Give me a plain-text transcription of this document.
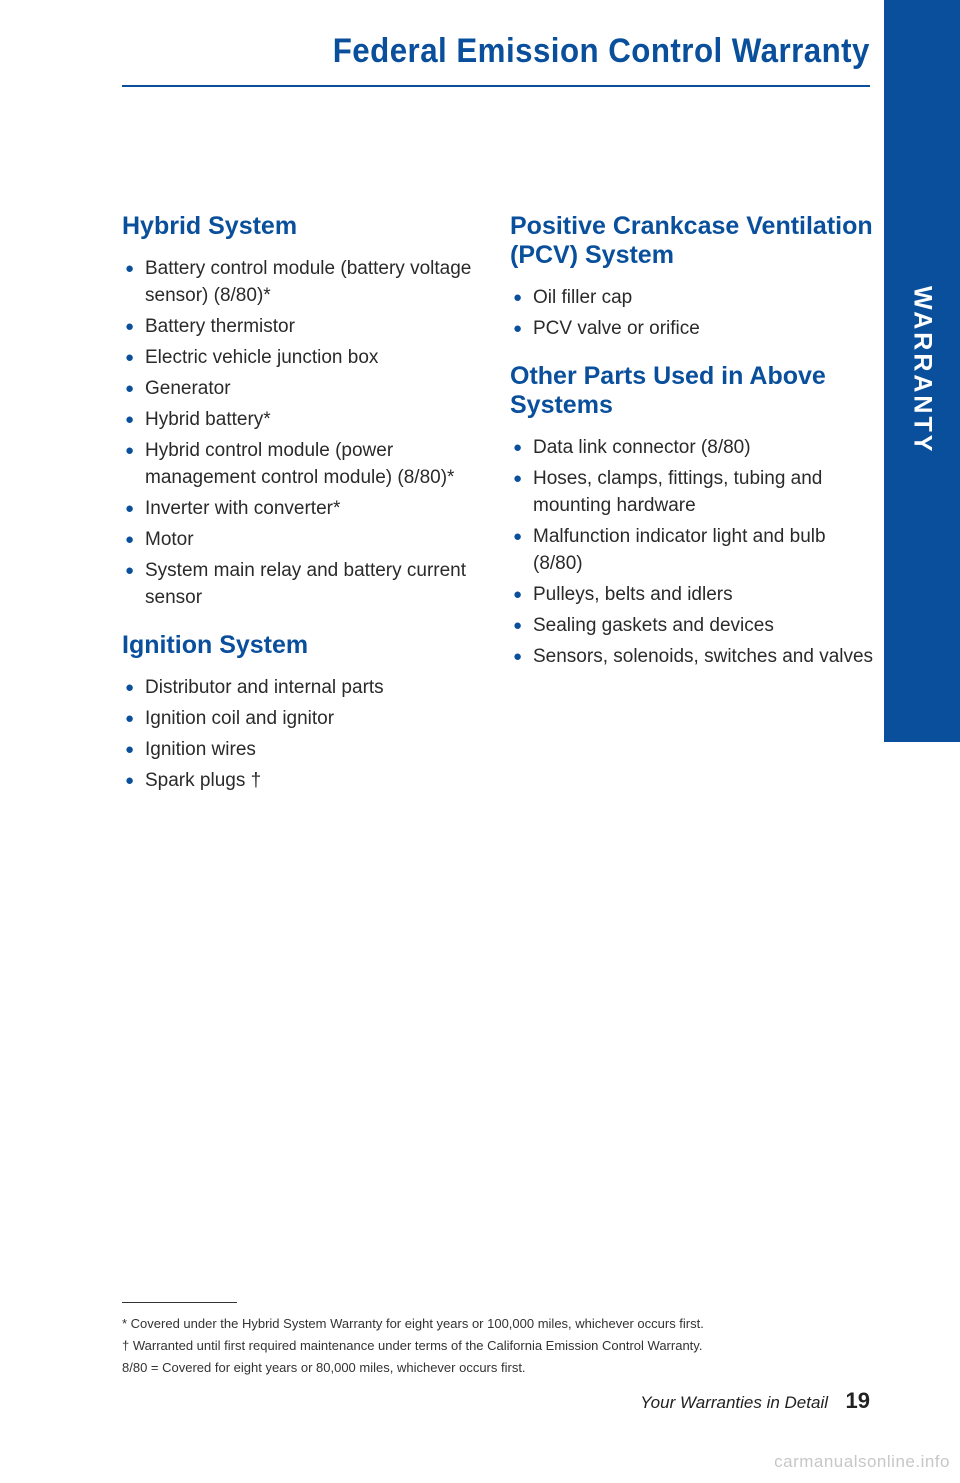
WARRANTY
Federal Emission Control Warranty
Hybrid System
● Battery control module (battery voltage sensor) (8/80)*
● Battery thermistor
● Electric vehicle junction box
● Generator
● Hybrid battery*
● Hybrid control module (power management control module) (8/80)*
● Inverter with converter*
● Motor
● System main relay and battery current sensor
Ignition System
● Distributor and internal parts
● Ignition coil and ignitor
● Ignition wires
● Spark plugs †
Positive Crankcase Ventilation (PCV) System
● Oil filler cap
● PCV valve or orifice
Other Parts Used in Above Systems
● Data link connector (8/80)
● Hoses, clamps, fittings, tubing and mounting hardware
● Malfunction indicator light and bulb (8/80)
● Pulleys, belts and idlers
● Sealing gaskets and devices
● Sensors, solenoids, switches and valves
* Covered under the Hybrid System Warranty for eight years or 100,000 miles, whichever occurs first.
† Warranted until first required maintenance under terms of the California Emission Control Warranty.
8/80 = Covered for eight years or 80,000 miles, whichever occurs first.
Your Warranties in Detail 19
carmanualsonline.info
